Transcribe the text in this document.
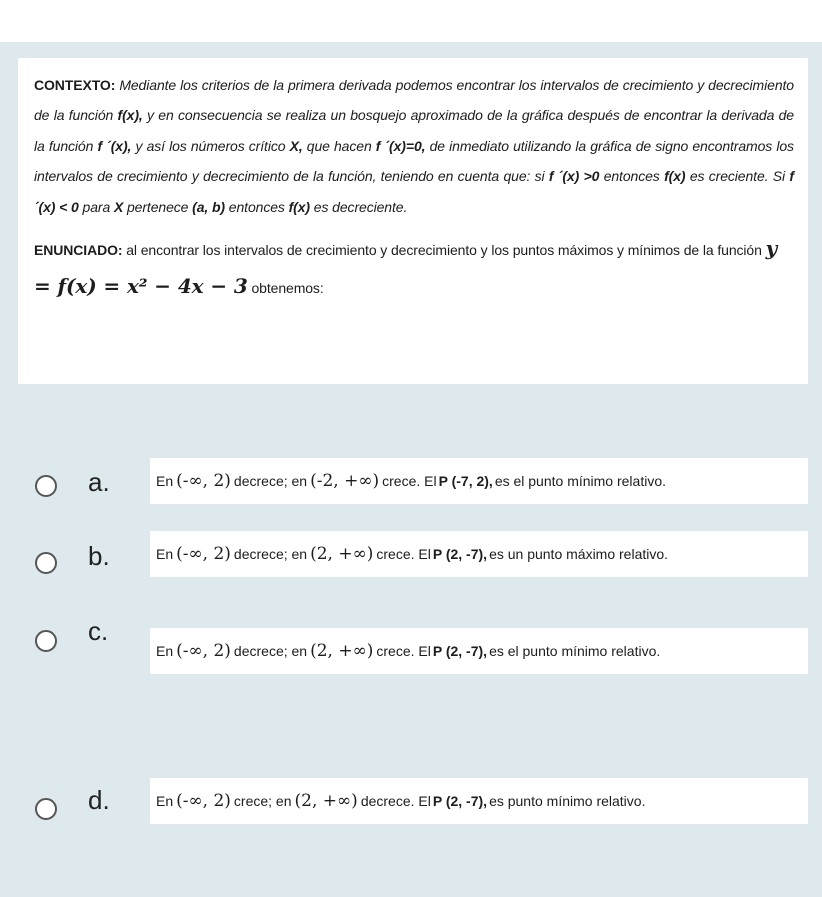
CONTEXTO: Mediante los criterios de la primera derivada podemos encontrar los intervalos de crecimiento y decrecimiento de la función f(x), y en consecuencia se realiza un bosquejo aproximado de la gráfica después de encontrar la derivada de la función f ´(x), y así los números crítico X, que hacen f ´(x)=0, de inmediato utilizando la gráfica de signo encontramos los intervalos de crecimiento y decrecimiento de la función, teniendo en cuenta que: si f ´(x) >0 entonces f(x) es creciente. Si f ´(x) < 0 para X pertenece (a, b) entonces f(x) es decreciente.

ENUNCIADO: al encontrar los intervalos de crecimiento y decrecimiento y los puntos máximos y mínimos de la función y = f(x) = x² − 4x − 3 obtenemos:

a.	En (-∞, 2) decrece; en (-2, +∞) crece. El P (-7, 2), es el punto mínimo relativo.
b.	En (-∞, 2) decrece; en (2, +∞) crece. El P (2, -7), es un punto máximo relativo.
c.
En (-∞, 2) decrece; en (2, +∞) crece. El P (2, -7), es el punto mínimo relativo.
d.	En (-∞, 2) crece; en (2, +∞) decrece. El P (2, -7), es punto mínimo relativo.
